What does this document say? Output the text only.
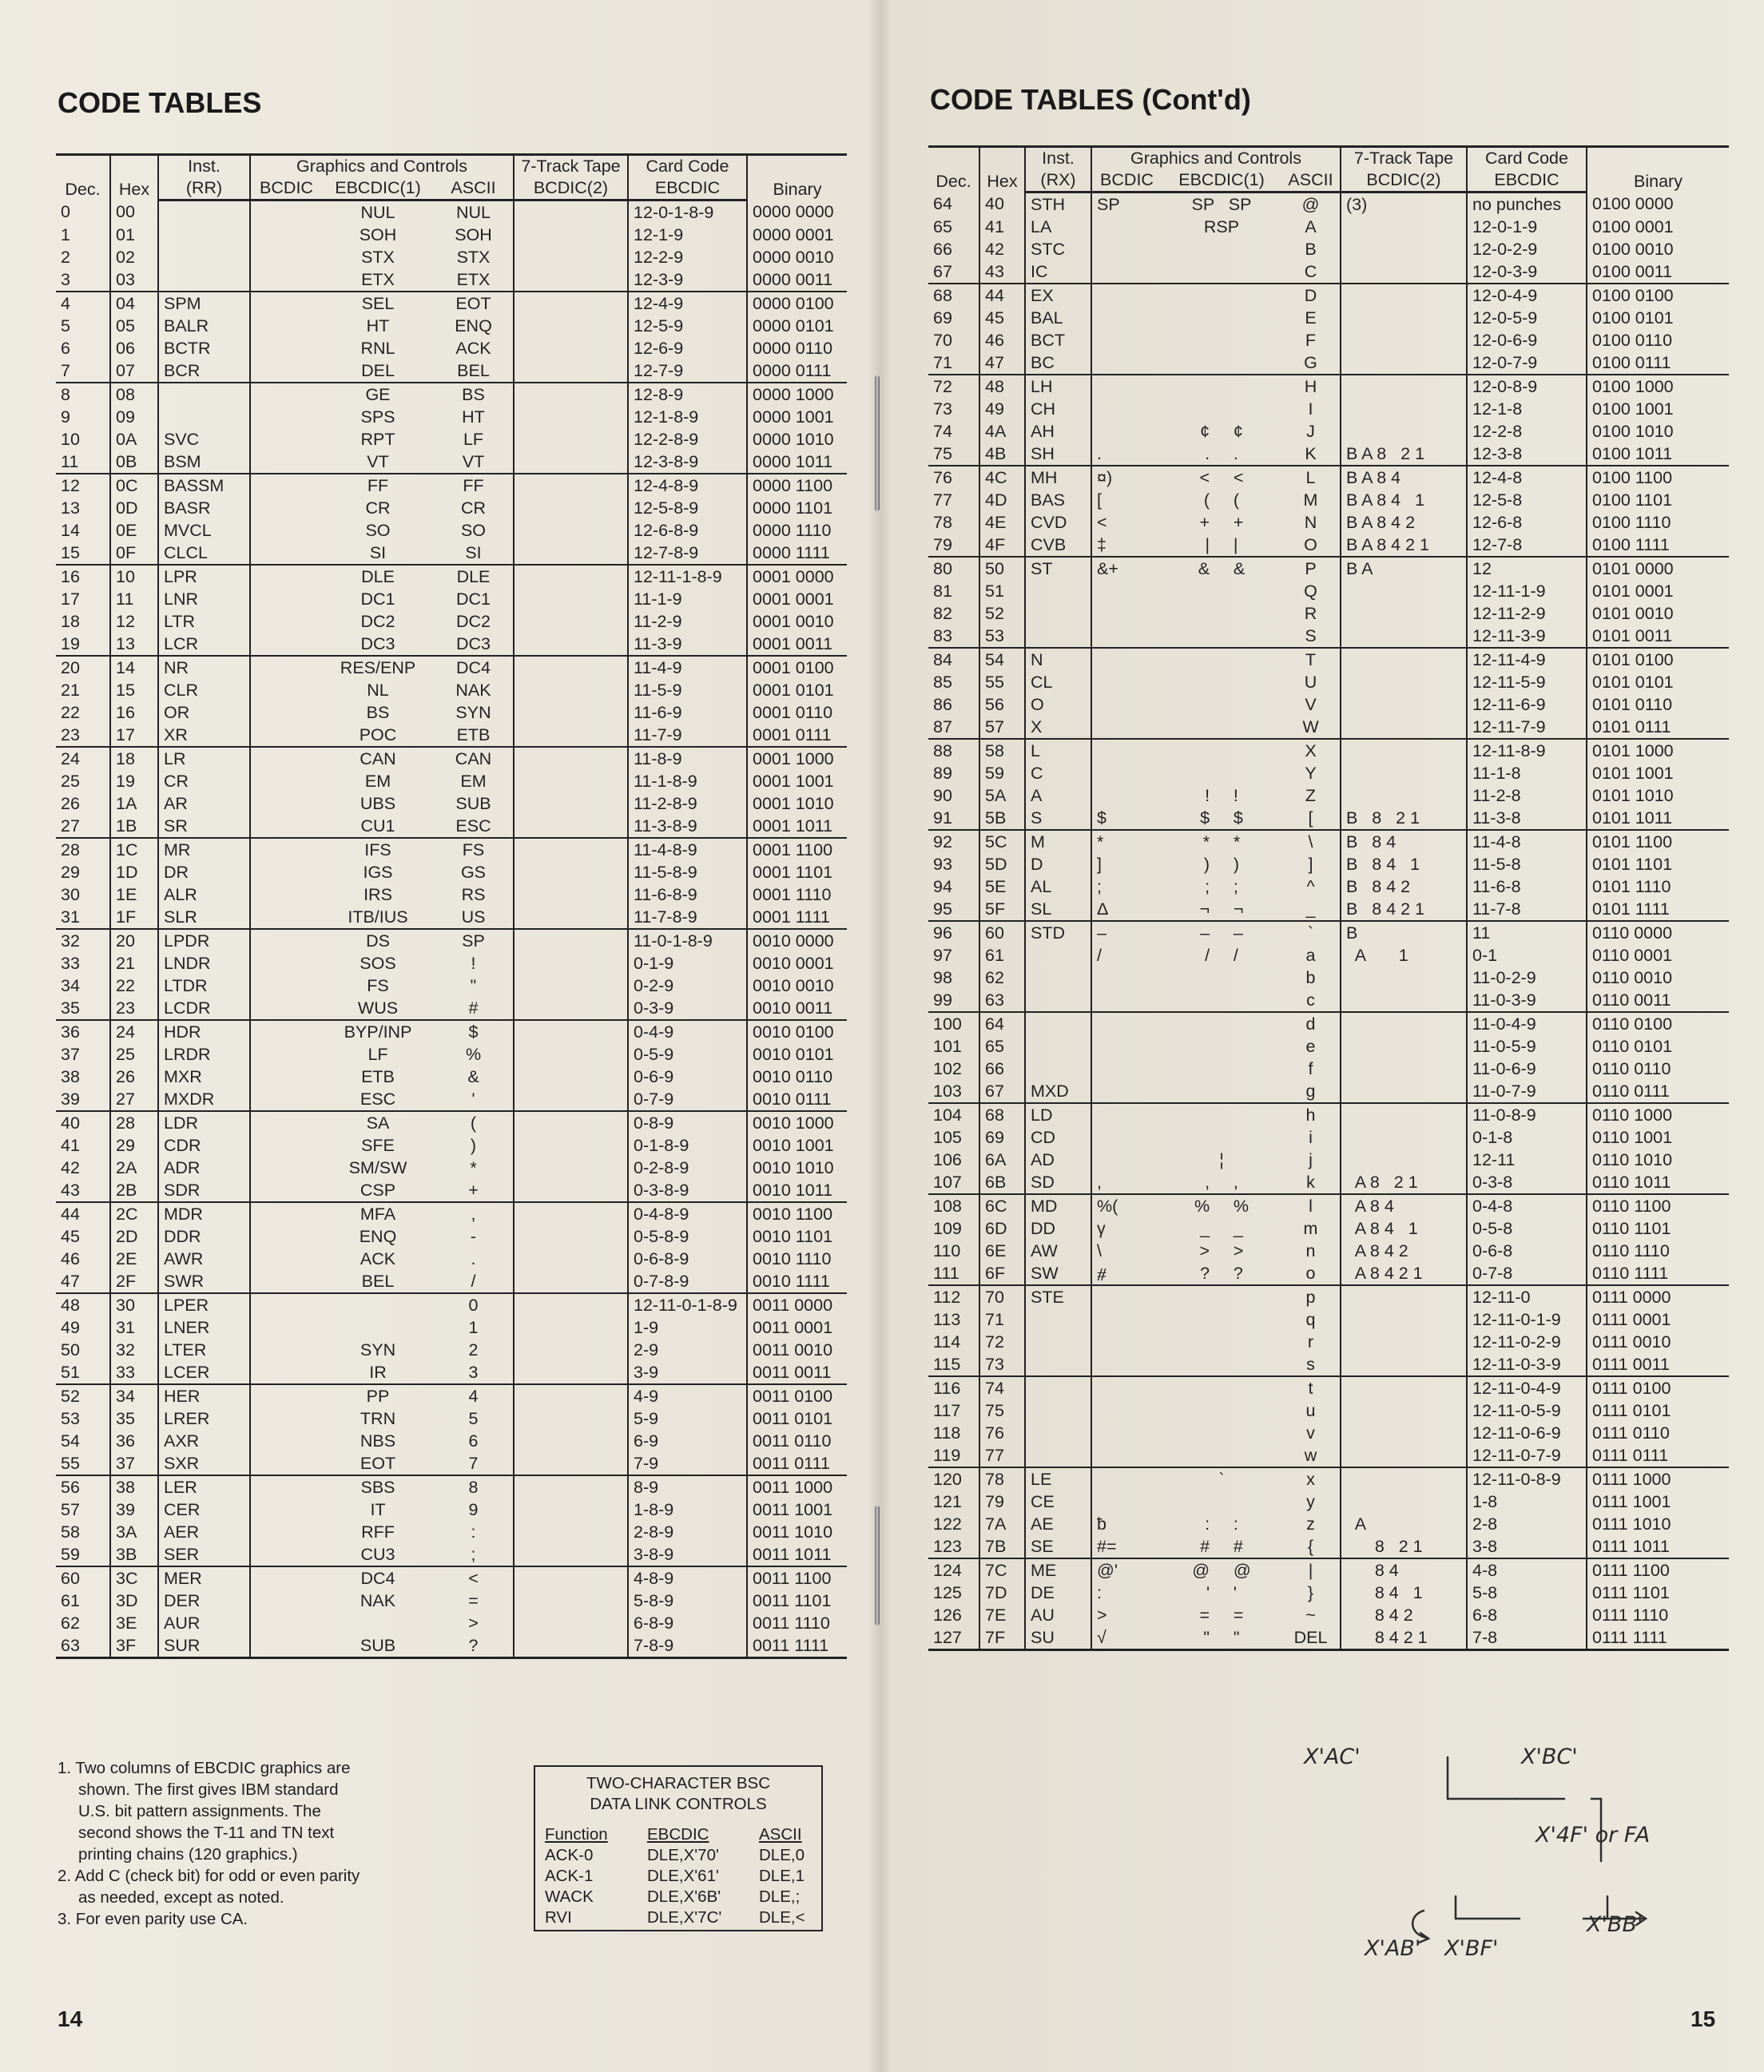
CODE TABLES
Dec.	Hex	Inst.	Graphics and Controls			7-Track Tape	Card Code	Binary
		(RR)	BCDIC	EBCDIC(1)	ASCII	BCDIC(2)	EBCDIC	
0	00			NUL	NUL		12-0-1-8-9	0000 0000
1	01			SOH	SOH		12-1-9	0000 0001
2	02			STX	STX		12-2-9	0000 0010
3	03			ETX	ETX		12-3-9	0000 0011
4	04	SPM		SEL	EOT		12-4-9	0000 0100
5	05	BALR		HT	ENQ		12-5-9	0000 0101
6	06	BCTR		RNL	ACK		12-6-9	0000 0110
7	07	BCR		DEL	BEL		12-7-9	0000 0111
8	08			GE	BS		12-8-9	0000 1000
9	09			SPS	HT		12-1-8-9	0000 1001
10	0A	SVC		RPT	LF		12-2-8-9	0000 1010
11	0B	BSM		VT	VT		12-3-8-9	0000 1011
12	0C	BASSM		FF	FF		12-4-8-9	0000 1100
13	0D	BASR		CR	CR		12-5-8-9	0000 1101
14	0E	MVCL		SO	SO		12-6-8-9	0000 1110
15	0F	CLCL		SI	SI		12-7-8-9	0000 1111
16	10	LPR		DLE	DLE		12-11-1-8-9	0001 0000
17	11	LNR		DC1	DC1		11-1-9	0001 0001
18	12	LTR		DC2	DC2		11-2-9	0001 0010
19	13	LCR		DC3	DC3		11-3-9	0001 0011
20	14	NR		RES/ENP	DC4		11-4-9	0001 0100
21	15	CLR		NL	NAK		11-5-9	0001 0101
22	16	OR		BS	SYN		11-6-9	0001 0110
23	17	XR		POC	ETB		11-7-9	0001 0111
24	18	LR		CAN	CAN		11-8-9	0001 1000
25	19	CR		EM	EM		11-1-8-9	0001 1001
26	1A	AR		UBS	SUB		11-2-8-9	0001 1010
27	1B	SR		CU1	ESC		11-3-8-9	0001 1011
28	1C	MR		IFS	FS		11-4-8-9	0001 1100
29	1D	DR		IGS	GS		11-5-8-9	0001 1101
30	1E	ALR		IRS	RS		11-6-8-9	0001 1110
31	1F	SLR		ITB/IUS	US		11-7-8-9	0001 1111
32	20	LPDR		DS	SP		11-0-1-8-9	0010 0000
33	21	LNDR		SOS	!		0-1-9	0010 0001
34	22	LTDR		FS	"		0-2-9	0010 0010
35	23	LCDR		WUS	#		0-3-9	0010 0011
36	24	HDR		BYP/INP	$		0-4-9	0010 0100
37	25	LRDR		LF	%		0-5-9	0010 0101
38	26	MXR		ETB	&		0-6-9	0010 0110
39	27	MXDR		ESC	'		0-7-9	0010 0111
40	28	LDR		SA	(		0-8-9	0010 1000
41	29	CDR		SFE	)		0-1-8-9	0010 1001
42	2A	ADR		SM/SW	*		0-2-8-9	0010 1010
43	2B	SDR		CSP	+		0-3-8-9	0010 1011
44	2C	MDR		MFA	,		0-4-8-9	0010 1100
45	2D	DDR		ENQ	-		0-5-8-9	0010 1101
46	2E	AWR		ACK	.		0-6-8-9	0010 1110
47	2F	SWR		BEL	/		0-7-8-9	0010 1111
48	30	LPER			0		12-11-0-1-8-9	0011 0000
49	31	LNER			1		1-9	0011 0001
50	32	LTER		SYN	2		2-9	0011 0010
51	33	LCER		IR	3		3-9	0011 0011
52	34	HER		PP	4		4-9	0011 0100
53	35	LRER		TRN	5		5-9	0011 0101
54	36	AXR		NBS	6		6-9	0011 0110
55	37	SXR		EOT	7		7-9	0011 0111
56	38	LER		SBS	8		8-9	0011 1000
57	39	CER		IT	9		1-8-9	0011 1001
58	3A	AER		RFF	:		2-8-9	0011 1010
59	3B	SER		CU3	;		3-8-9	0011 1011
60	3C	MER		DC4	<		4-8-9	0011 1100
61	3D	DER		NAK	=		5-8-9	0011 1101
62	3E	AUR			>		6-8-9	0011 1110
63	3F	SUR		SUB	?		7-8-9	0011 1111
1. Two columns of EBCDIC graphics are shown. The first gives IBM standard U.S. bit pattern assignments. The second shows the T-11 and TN text printing chains (120 graphics.)
2. Add C (check bit) for odd or even parity as needed, except as noted.
3. For even parity use CA.
TWO-CHARACTER BSC
DATA LINK CONTROLS
Function	EBCDIC	ASCII
ACK-0	DLE,X'70'	DLE,0
ACK-1	DLE,X'61'	DLE,1
WACK	DLE,X'6B'	DLE,;
RVI	DLE,X'7C'	DLE,<
14
CODE TABLES (Cont'd)
Dec.	Hex	Inst.	Graphics and Controls			7-Track Tape	Card Code	Binary
		(RX)	BCDIC	EBCDIC(1)	ASCII	BCDIC(2)	EBCDIC	
64	40	STH	SP	SP   SP	@	(3)	no punches	0100 0000
65	41	LA		RSP	A		12-0-1-9	0100 0001
66	42	STC			B		12-0-2-9	0100 0010
67	43	IC			C		12-0-3-9	0100 0011
68	44	EX			D		12-0-4-9	0100 0100
69	45	BAL			E		12-0-5-9	0100 0101
70	46	BCT			F		12-0-6-9	0100 0110
71	47	BC			G		12-0-7-9	0100 0111
72	48	LH			H		12-0-8-9	0100 1000
73	49	CH			I		12-1-8	0100 1001
74	4A	AH		¢     ¢	J		12-2-8	0100 1010
75	4B	SH	.	.     .	K	B A 8   2 1	12-3-8	0100 1011
76	4C	MH	¤)	<     <	L	B A 8 4	12-4-8	0100 1100
77	4D	BAS	[	(     (	M	B A 8 4   1	12-5-8	0100 1101
78	4E	CVD	<	+     +	N	B A 8 4 2	12-6-8	0100 1110
79	4F	CVB	‡	|     |	O	B A 8 4 2 1	12-7-8	0100 1111
80	50	ST	&+	&     &	P	B A	12	0101 0000
81	51				Q		12-11-1-9	0101 0001
82	52				R		12-11-2-9	0101 0010
83	53				S		12-11-3-9	0101 0011
84	54	N			T		12-11-4-9	0101 0100
85	55	CL			U		12-11-5-9	0101 0101
86	56	O			V		12-11-6-9	0101 0110
87	57	X			W		12-11-7-9	0101 0111
88	58	L			X		12-11-8-9	0101 1000
89	59	C			Y		11-1-8	0101 1001
90	5A	A		!     !	Z		11-2-8	0101 1010
91	5B	S	$	$     $	[	B   8   2 1	11-3-8	0101 1011
92	5C	M	*	*     *	\	B   8 4	11-4-8	0101 1100
93	5D	D	]	)     )	]	B   8 4   1	11-5-8	0101 1101
94	5E	AL	;	;     ;	^	B   8 4 2	11-6-8	0101 1110
95	5F	SL	Δ	¬     ¬	_	B   8 4 2 1	11-7-8	0101 1111
96	60	STD	–	–     –	`	B	11	0110 0000
97	61		/	/     /	a	A       1	0-1	0110 0001
98	62				b		11-0-2-9	0110 0010
99	63				c		11-0-3-9	0110 0011
100	64				d		11-0-4-9	0110 0100
101	65				e		11-0-5-9	0110 0101
102	66				f		11-0-6-9	0110 0110
103	67	MXD			g		11-0-7-9	0110 0111
104	68	LD			h		11-0-8-9	0110 1000
105	69	CD			i		0-1-8	0110 1001
106	6A	AD		¦	j		12-11	0110 1010
107	6B	SD	,	,     ,	k	A 8   2 1	0-3-8	0110 1011
108	6C	MD	%(	%     %	l	A 8 4	0-4-8	0110 1100
109	6D	DD	γ	_     _	m	A 8 4   1	0-5-8	0110 1101
110	6E	AW	\	>     >	n	A 8 4 2	0-6-8	0110 1110
111	6F	SW	⧣	?     ?	o	A 8 4 2 1	0-7-8	0110 1111
112	70	STE			p		12-11-0	0111 0000
113	71				q		12-11-0-1-9	0111 0001
114	72				r		12-11-0-2-9	0111 0010
115	73				s		12-11-0-3-9	0111 0011
116	74				t		12-11-0-4-9	0111 0100
117	75				u		12-11-0-5-9	0111 0101
118	76				v		12-11-0-6-9	0111 0110
119	77				w		12-11-0-7-9	0111 0111
120	78	LE		`	x		12-11-0-8-9	0111 1000
121	79	CE			y		1-8	0111 1001
122	7A	AE	ƀ	:     :	z	A	2-8	0111 1010
123	7B	SE	#=	#     #	{	8   2 1	3-8	0111 1011
124	7C	ME	@'	@     @	|	8 4	4-8	0111 1100
125	7D	DE	:	'     '	}	8 4   1	5-8	0111 1101
126	7E	AU	>	=     =	~	8 4 2	6-8	0111 1110
127	7F	SU	√	"     "	DEL	8 4 2 1	7-8	0111 1111
X'AC'	X'BC'
X'4F' or FA
X'AB' X'BF'
X'BB'
15
